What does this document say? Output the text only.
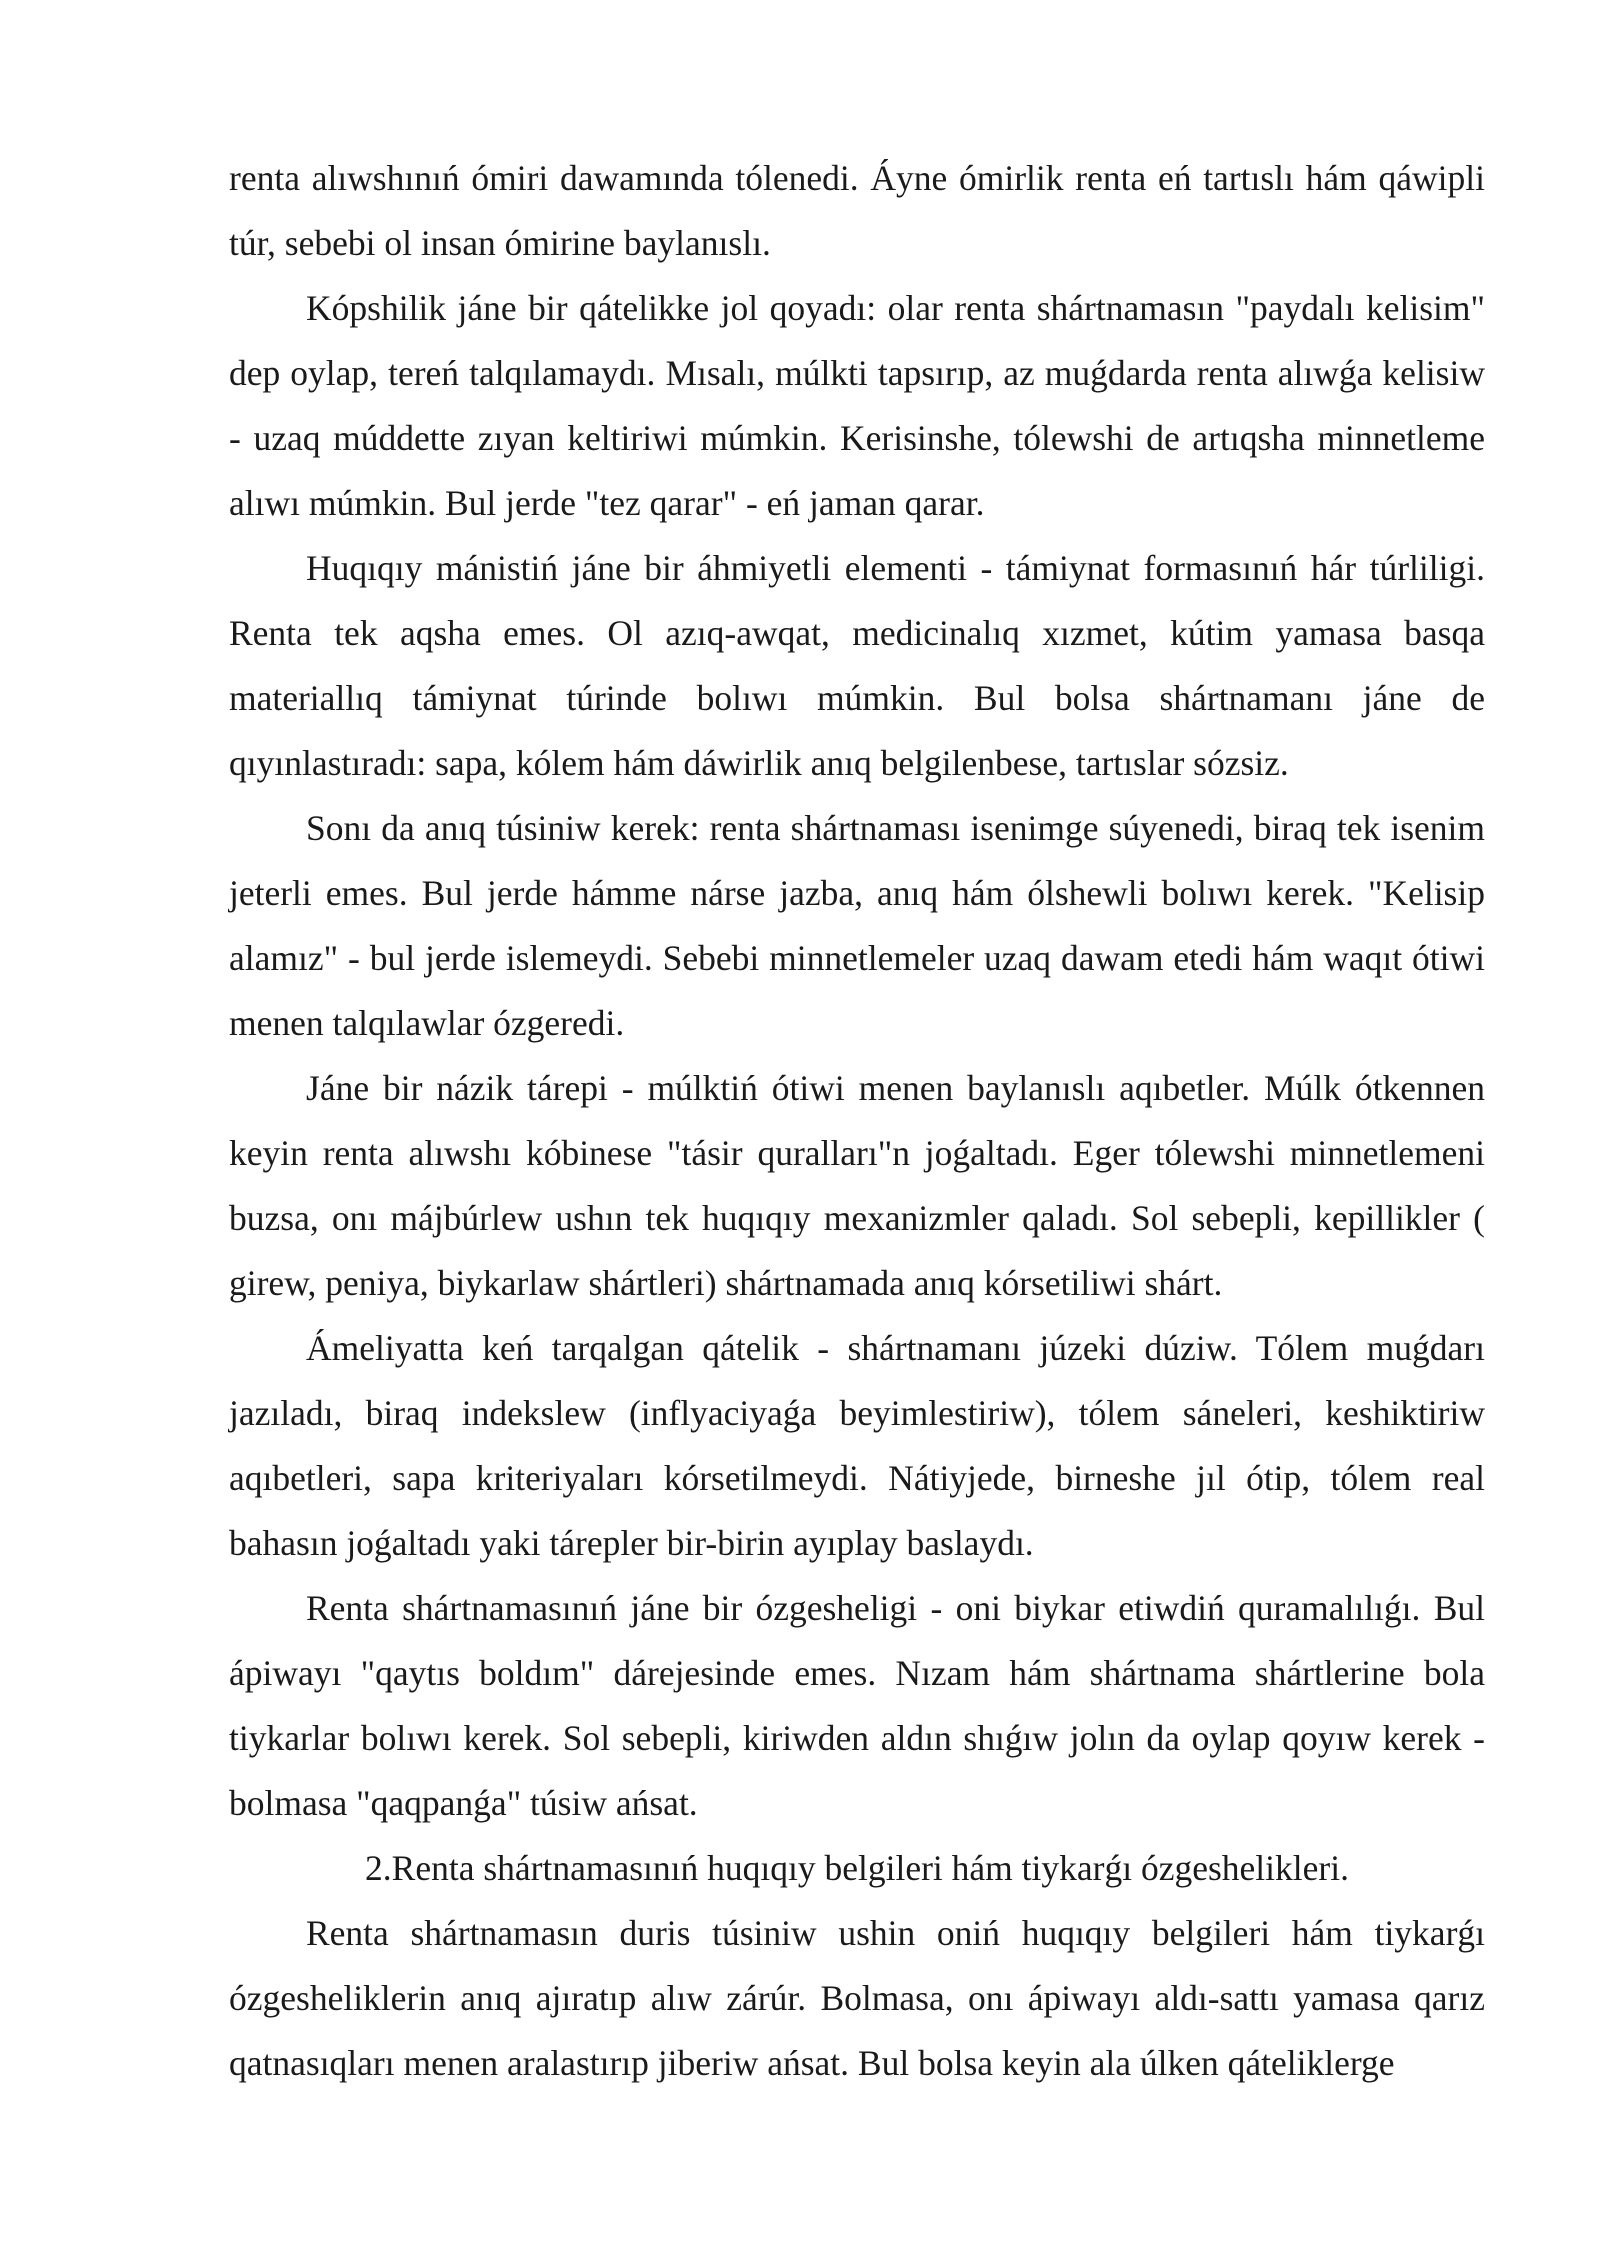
renta alıwshınıń ómiri dawamında tólenedi. Áyne ómirlik renta eń tartıslı hám qáwipli túr, sebebi ol insan ómirine baylanıslı.

Kópshilik jáne bir qátelikke jol qoyadı: olar renta shártnamasın "paydalı kelisim" dep oylap, tereń talqılamaydı. Mısalı, múlkti tapsırıp, az muǵdarda renta alıwǵa kelisiw - uzaq múddette zıyan keltiriwi múmkin. Kerisinshe, tólewshi de artıqsha minnetleme alıwı múmkin. Bul jerde "tez qarar" - eń jaman qarar.

Huqıqıy mánistiń jáne bir áhmiyetli elementi - támiynat formasınıń hár túrliligi. Renta tek aqsha emes. Ol azıq-awqat, medicinalıq xızmet, kútim yamasa basqa materiallıq támiynat túrinde bolıwı múmkin. Bul bolsa shártnamanı jáne de qıyınlastıradı: sapa, kólem hám dáwirlik anıq belgilenbese, tartıslar sózsiz.

Sonı da anıq túsiniw kerek: renta shártnaması isenimge súyenedi, biraq tek isenim jeterli emes. Bul jerde hámme nárse jazba, anıq hám ólshewli bolıwı kerek. "Kelisip alamız" - bul jerde islemeydi. Sebebi minnetlemeler uzaq dawam etedi hám waqıt ótiwi menen talqılawlar ózgeredi.

Jáne bir názik tárepi - múlktiń ótiwi menen baylanıslı aqıbetler. Múlk ótkennen keyin renta alıwshı kóbinese "tásir quralları"n joǵaltadı. Eger tólewshi minnetlemeni buzsa, onı májbúrlew ushın tek huqıqıy mexanizmler qaladı. Sol sebepli, kepillikler ( girew, peniya, biykarlaw shártleri) shártnamada anıq kórsetiliwi shárt.

Ámeliyatta keń tarqalgan qátelik - shártnamanı júzeki dúziw. Tólem muǵdarı jazıladı, biraq indekslew (inflyaciyaǵa beyimlestiriw), tólem sáneleri, keshiktiriw aqıbetleri, sapa kriteriyaları kórsetilmeydi. Nátiyjede, birneshe jıl ótip, tólem real bahasın joǵaltadı yaki tárepler bir-birin ayıplay baslaydı.

Renta shártnamasınıń jáne bir ózgesheligi - oni biykar etiwdiń quramalılıǵı. Bul ápiwayı "qaytıs boldım" dárejesinde emes. Nızam hám shártnama shártlerine bola tiykarlar bolıwı kerek. Sol sebepli, kiriwden aldın shıǵıw jolın da oylap qoyıw kerek - bolmasa "qaqpanǵa" túsiw ańsat.

2.Renta shártnamasınıń huqıqıy belgileri hám tiykarǵı ózgeshelikleri.

Renta shártnamasın duris túsiniw ushin oniń huqıqıy belgileri hám tiykarǵı ózgesheliklerin anıq ajıratıp alıw zárúr. Bolmasa, onı ápiwayı aldı-sattı yamasa qarız qatnasıqları menen aralastırıp jiberiw ańsat. Bul bolsa keyin ala úlken qáteliklerge
